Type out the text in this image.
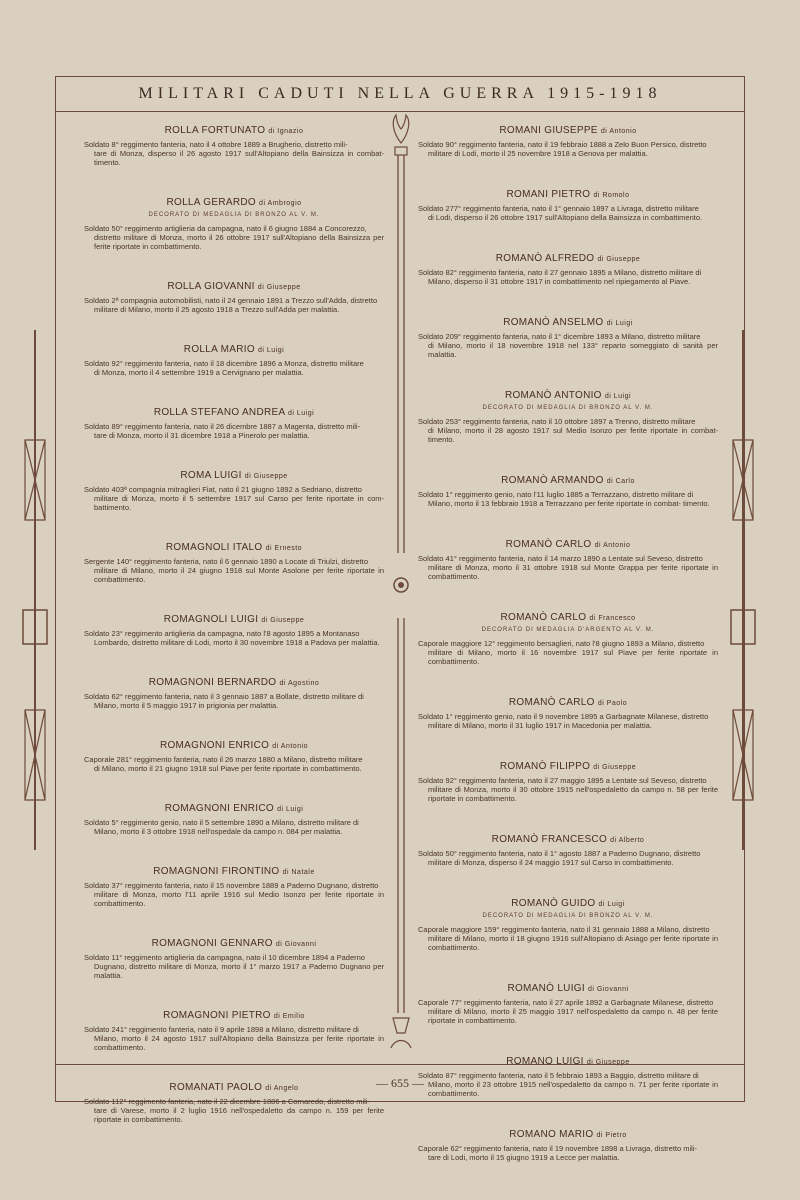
MILITARI CADUTI NELLA GUERRA 1915-1918
ROLLA FORTUNATO di Ignazio
Soldato 8° reggimento fanteria, nato il 4 ottobre 1889 a Brugherio, distretto mili-
tare di Monza, disperso il 26 agosto 1917 sull'Altopiano della Bainsizza in combat- timento.
ROLLA GERARDO di Ambrogio
DECORATO DI MEDAGLIA DI BRONZO AL V. M.
Soldato 50° reggimento artiglieria da campagna, nato il 6 giugno 1884 a Concorezzo,
distretto militare di Monza, morto il 26 ottobre 1917 sull'Altopiano della Bainsizza per ferite riportate in combattimento.
ROLLA GIOVANNI di Giuseppe
Soldato 2ª compagnia automobilisti, nato il 24 gennaio 1891 a Trezzo sull'Adda, distretto
militare di Milano, morto il 25 agosto 1918 a Trezzo sull'Adda per malattia.
ROLLA MARIO di Luigi
Soldato 92° reggimento fanteria, nato il 18 dicembre 1896 a Monza, distretto militare
di Monza, morto il 4 settembre 1919 a Cervignano per malattia.
ROLLA STEFANO ANDREA di Luigi
Soldato 89° reggimento fanteria, nato il 26 dicembre 1887 a Magenta, distretto mili-
tare di Monza, morto il 31 dicembre 1918 a Pinerolo per malattia.
ROMA LUIGI di Giuseppe
Soldato 403ª compagnia mitraglieri Fiat, nato il 21 giugno 1892 a Sedriano, distretto
militare di Monza, morto il 5 settembre 1917 sul Carso per ferite riportate in com- battimento.
ROMAGNOLI ITALO di Ernesto
Sergente 140° reggimento fanteria, nato il 6 gennaio 1890 a Locate di Triulzi, distretto
militare di Milano, morto il 24 giugno 1918 sul Monte Asolone per ferite riportate in combattimento.
ROMAGNOLI LUIGI di Giuseppe
Soldato 23° reggimento artiglieria da campagna, nato l'8 agosto 1895 a Montanaso
Lombardo, distretto militare di Lodi, morto il 30 novembre 1918 a Padova per malattia.
ROMAGNONI BERNARDO di Agostino
Soldato 62° reggimento fanteria, nato il 3 gennaio 1887 a Bollate, distretto militare di
Milano, morto il 5 maggio 1917 in prigionia per malattia.
ROMAGNONI ENRICO di Antonio
Caporale 281° reggimento fanteria, nato il 26 marzo 1880 a Milano, distretto militare
di Milano, morto il 21 giugno 1918 sul Piave per ferite riportate in combattimento.
ROMAGNONI ENRICO di Luigi
Soldato 5° reggimento genio, nato il 5 settembre 1890 a Milano, distretto militare di
Milano, morto il 3 ottobre 1918 nell'ospedale da campo n. 084 per malattia.
ROMAGNONI FIRONTINO di Natale
Soldato 37° reggimento fanteria, nato il 15 novembre 1889 a Paderno Dugnano, distretto
militare di Monza, morto l'11 aprile 1916 sul Medio Isonzo per ferite riportate in combattimento.
ROMAGNONI GENNARO di Giovanni
Soldato 11° reggimento artiglieria da campagna, nato il 10 dicembre 1894 a Paderno
Dugnano, distretto militare di Monza, morto il 1° marzo 1917 a Paderno Dugnano per malattia.
ROMAGNONI PIETRO di Emilio
Soldato 241° reggimento fanteria, nato il 9 aprile 1898 a Milano, distretto militare di
Milano, morto il 24 agosto 1917 sull'Altopiano della Bainsizza per ferite riportate in combattimento.
ROMANATI PAOLO di Angelo
Soldato 112° reggimento fanteria, nato il 22 dicembre 1886 a Cornaredo, distretto mili-
tare di Varese, morto il 2 luglio 1916 nell'ospedaletto da campo n. 159 per ferite riportate in combattimento.
ROMANI GIUSEPPE di Antonio
Soldato 90° reggimento fanteria, nato il 19 febbraio 1888 a Zelo Buon Persico, distretto
militare di Lodi, morto il 25 novembre 1918 a Genova per malattia.
ROMANI PIETRO di Romolo
Soldato 277° reggimento fanteria, nato il 1° gennaio 1897 a Livraga, distretto militare
di Lodi, disperso il 26 ottobre 1917 sull'Altopiano della Bainsizza in combattimento.
ROMANÒ ALFREDO di Giuseppe
Soldato 82° reggimento fanteria, nato il 27 gennaio 1895 a Milano, distretto militare di
Milano, disperso il 31 ottobre 1917 in combattimento nel ripiegamento al Piave.
ROMANÒ ANSELMO di Luigi
Soldato 209° reggimento fanteria, nato il 1° dicembre 1893 a Milano, distretto militare
di Milano, morto il 18 novembre 1918 nel 133° reparto someggiato di sanità per malattia.
ROMANÒ ANTONIO di Luigi
DECORATO DI MEDAGLIA DI BRONZO AL V. M.
Soldato 253° reggimento fanteria, nato il 10 ottobre 1897 a Trenno, distretto militare
di Milano, morto il 28 agosto 1917 sul Medio Isonzo per ferite riportate in combat- timento.
ROMANÒ ARMANDO di Carlo
Soldato 1° reggimento genio, nato l'11 luglio 1885 a Terrazzano, distretto militare di
Milano, morto il 13 febbraio 1918 a Terrazzano per ferite riportate in combat- timento.
ROMANÒ CARLO di Antonio
Soldato 41° reggimento fanteria, nato il 14 marzo 1890 a Lentate sul Seveso, distretto
militare di Monza, morto il 31 ottobre 1918 sul Monte Grappa per ferite riportate in combattimento.
ROMANÒ CARLO di Francesco
DECORATO DI MEDAGLIA D'ARGENTO AL V. M.
Caporale maggiore 12° reggimento bersaglieri, nato l'8 giugno 1893 a Milano, distretto
militare di Milano, morto il 16 novembre 1917 sul Piave per ferite riportate in combattimento.
ROMANÒ CARLO di Paolo
Soldato 1° reggimento genio, nato il 9 novembre 1895 a Garbagnate Milanese, distretto
militare di Milano, morto il 31 luglio 1917 in Macedonia per malattia.
ROMANÒ FILIPPO di Giuseppe
Soldato 92° reggimento fanteria, nato il 27 maggio 1895 a Lentate sul Seveso, distretto
militare di Monza, morto il 30 ottobre 1915 nell'ospedaletto da campo n. 58 per ferite riportate in combattimento.
ROMANÒ FRANCESCO di Alberto
Soldato 50° reggimento fanteria, nato il 1° agosto 1887 a Paderno Dugnano, distretto
militare di Monza, disperso il 24 maggio 1917 sul Carso in combattimento.
ROMANÒ GUIDO di Luigi
DECORATO DI MEDAGLIA DI BRONZO AL V. M.
Caporale maggiore 159° reggimento fanteria, nato il 31 gennaio 1888 a Milano, distretto
militare di Milano, morto il 18 giugno 1916 sull'Altopiano di Asiago per ferite riportate in combattimento.
ROMANÒ LUIGI di Giovanni
Caporale 77° reggimento fanteria, nato il 27 aprile 1892 a Garbagnate Milanese, distretto
militare di Milano, morto il 25 maggio 1917 nell'ospedaletto da campo n. 48 per ferite riportate in combattimento.
ROMANO LUIGI di Giuseppe
Soldato 87° reggimento fanteria, nato il 5 febbraio 1893 a Baggio, distretto militare di
Milano, morto il 23 ottobre 1915 nell'ospedaletto da campo n. 71 per ferite riportate in combattimento.
ROMANO MARIO di Pietro
Caporale 62° reggimento fanteria, nato il 19 novembre 1898 a Livraga, distretto mili-
tare di Lodi, morto il 15 giugno 1919 a Lecce per malattia.
— 655 —
